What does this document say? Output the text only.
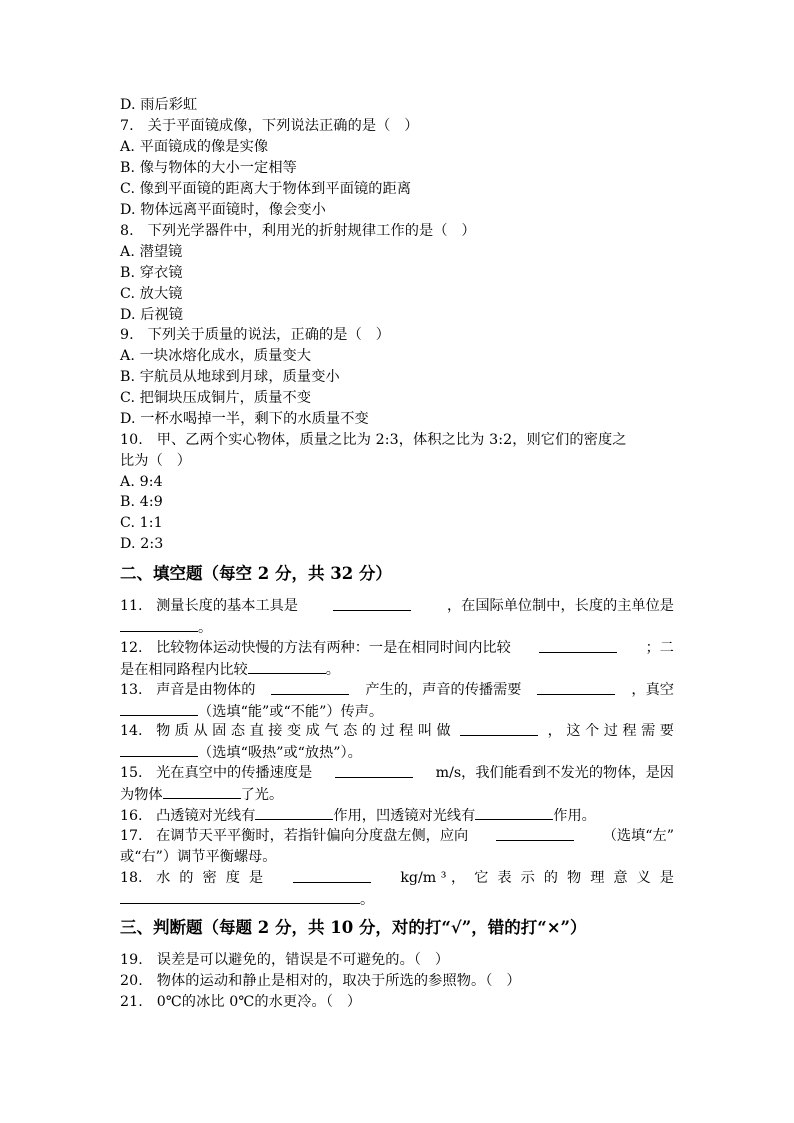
D. 雨后彩虹
7.   关于平面镜成像，下列说法正确的是（   ）
A. 平面镜成的像是实像
B. 像与物体的大小一定相等
C. 像到平面镜的距离大于物体到平面镜的距离
D. 物体远离平面镜时，像会变小
8.   下列光学器件中，利用光的折射规律工作的是（   ）
A. 潜望镜
B. 穿衣镜
C. 放大镜
D. 后视镜
9.   下列关于质量的说法，正确的是（   ）
A. 一块冰熔化成水，质量变大
B. 宇航员从地球到月球，质量变小
C. 把铜块压成铜片，质量不变
D. 一杯水喝掉一半，剩下的水质量不变
10.   甲、乙两个实心物体，质量之比为 2:3，体积之比为 3:2，则它们的密度之
比为（   ）
A. 9:4
B. 4:9
C. 1:1
D. 2:3
二、填空题（每空 2 分，共 32 分）
11.   测量长度的基本工具是	，在国际单位制中，长度的主单位是
。
12.   比较物体运动快慢的方法有两种：一是在相同时间内比较	；二
是在相同路程内比较	。
13.   声音是由物体的	产生的，声音的传播需要	，真空
（选填“能”或“不能”）传声。
14.   物 质 从 固 态 直 接 变 成 气 态 的 过 程 叫 做	， 这 个 过 程 需 要
（选填“吸热”或“放热”）。
15.   光在真空中的传播速度是	m/s，我们能看到不发光的物体，是因
为物体	了光。
16.   凸透镜对光线有	作用，凹透镜对光线有	作用。
17.   在调节天平平衡时，若指针偏向分度盘左侧，应向	（选填“左”
或“右”）调节平衡螺母。
18.   水  的  密  度  是	kg/m ³ ，  它  表  示  的  物  理  意  义  是
。
三、判断题（每题 2 分，共 10 分，对的打“√”，错的打“×”）
19.   误差是可以避免的，错误是不可避免的。（   ）
20.   物体的运动和静止是相对的，取决于所选的参照物。（   ）
21.   0℃的冰比 0℃的水更冷。（   ）
